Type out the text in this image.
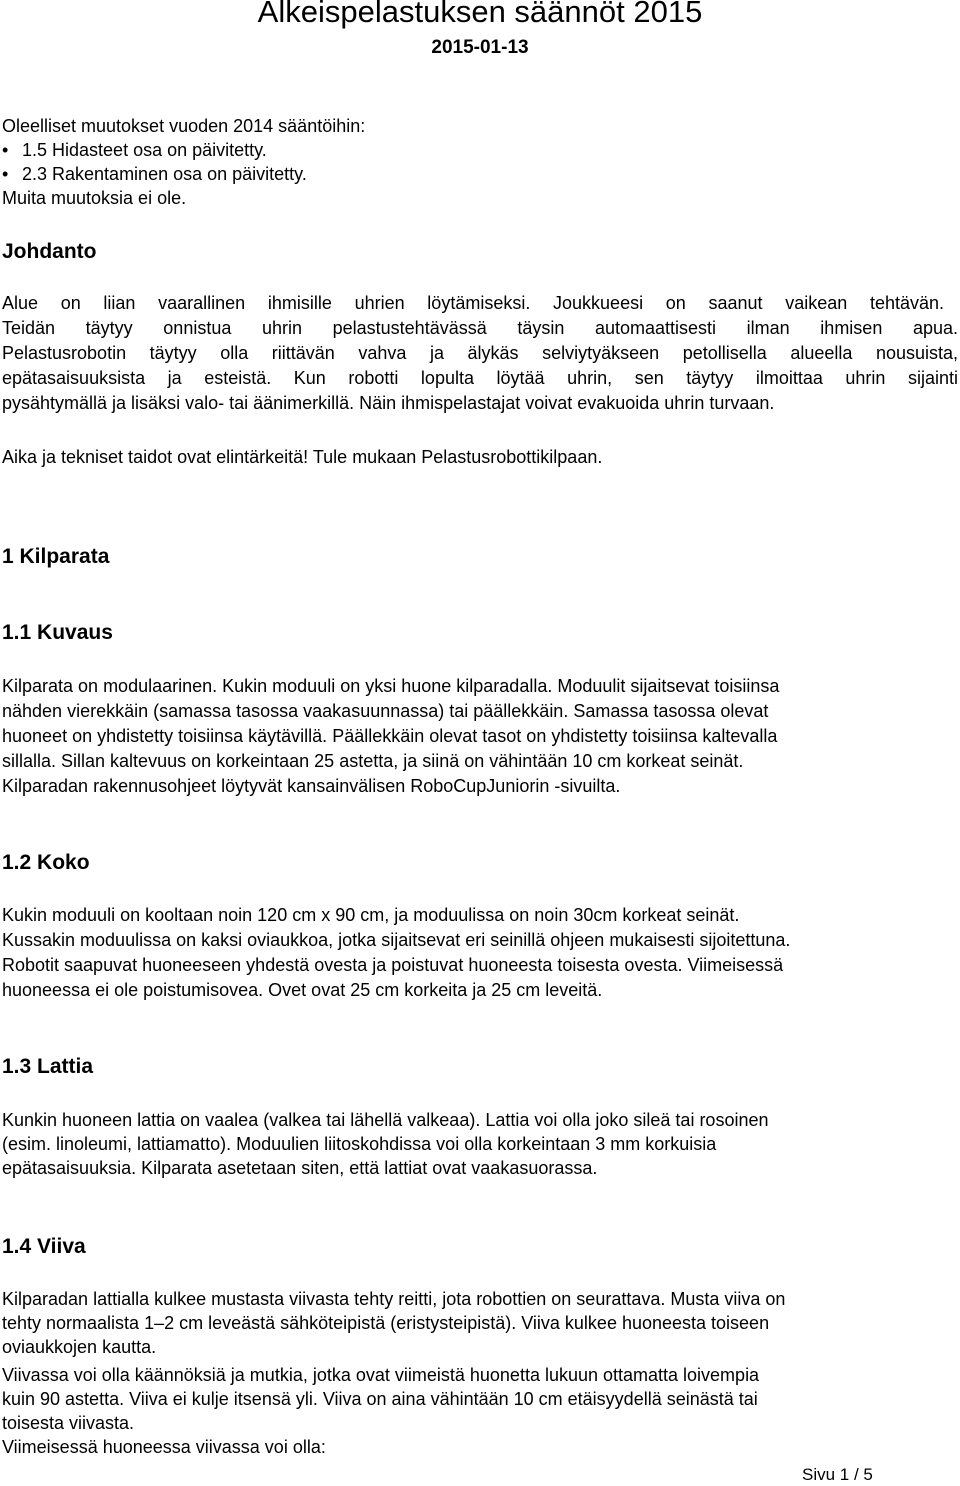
Alkeispelastuksen säännöt 2015
2015-01-13
Oleelliset muutokset vuoden 2014 sääntöihin:
• 1.5 Hidasteet osa on päivitetty.
• 2.3 Rakentaminen osa on päivitetty.
Muita muutoksia ei ole.
Johdanto
Alue on liian vaarallinen ihmisille uhrien löytämiseksi. Joukkueesi on saanut vaikean tehtävän.
Teidän täytyy onnistua uhrin pelastustehtävässä täysin automaattisesti ilman ihmisen apua.
Pelastusrobotin täytyy olla riittävän vahva ja älykäs selviytyäkseen petollisella alueella nousuista,
epätasaisuuksista ja esteistä. Kun robotti lopulta löytää uhrin, sen täytyy ilmoittaa uhrin sijainti
pysähtymällä ja lisäksi valo- tai äänimerkillä. Näin ihmispelastajat voivat evakuoida uhrin turvaan.
Aika ja tekniset taidot ovat elintärkeitä! Tule mukaan Pelastusrobottikilpaan.
1 Kilparata
1.1 Kuvaus
Kilparata on modulaarinen. Kukin moduuli on yksi huone kilparadalla. Moduulit sijaitsevat toisiinsa
nähden vierekkäin (samassa tasossa vaakasuunnassa) tai päällekkäin. Samassa tasossa olevat
huoneet on yhdistetty toisiinsa käytävillä. Päällekkäin olevat tasot on yhdistetty toisiinsa kaltevalla
sillalla. Sillan kaltevuus on korkeintaan 25 astetta, ja siinä on vähintään 10 cm korkeat seinät.
Kilparadan rakennusohjeet löytyvät kansainvälisen RoboCupJuniorin -sivuilta.
1.2 Koko
Kukin moduuli on kooltaan noin 120 cm x 90 cm, ja moduulissa on noin 30cm korkeat seinät.
Kussakin moduulissa on kaksi oviaukkoa, jotka sijaitsevat eri seinillä ohjeen mukaisesti sijoitettuna.
Robotit saapuvat huoneeseen yhdestä ovesta ja poistuvat huoneesta toisesta ovesta. Viimeisessä
huoneessa ei ole poistumisovea. Ovet ovat 25 cm korkeita ja 25 cm leveitä.
1.3 Lattia
Kunkin huoneen lattia on vaalea (valkea tai lähellä valkeaa). Lattia voi olla joko sileä tai rosoinen
(esim. linoleumi, lattiamatto). Moduulien liitoskohdissa voi olla korkeintaan 3 mm korkuisia
epätasaisuuksia. Kilparata asetetaan siten, että lattiat ovat vaakasuorassa.
1.4 Viiva
Kilparadan lattialla kulkee mustasta viivasta tehty reitti, jota robottien on seurattava. Musta viiva on
tehty normaalista 1–2 cm leveästä sähköteipistä (eristysteipistä). Viiva kulkee huoneesta toiseen
oviaukkojen kautta.
Viivassa voi olla käännöksiä ja mutkia, jotka ovat viimeistä huonetta lukuun ottamatta loivempia
kuin 90 astetta. Viiva ei kulje itsensä yli. Viiva on aina vähintään 10 cm etäisyydellä seinästä tai
toisesta viivasta.
Viimeisessä huoneessa viivassa voi olla:
Sivu 1 / 5
